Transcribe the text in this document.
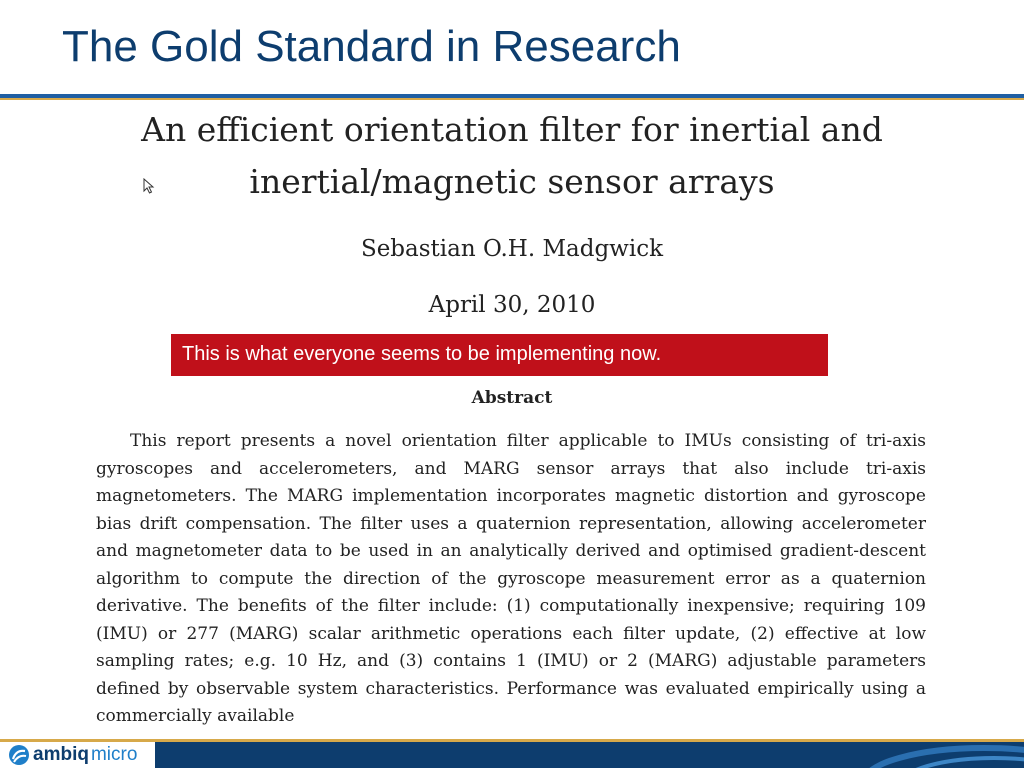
The Gold Standard in Research
An efficient orientation filter for inertial and
inertial/magnetic sensor arrays
Sebastian O.H. Madgwick
April 30, 2010
This is what everyone seems to be implementing now.
Abstract

This report presents a novel orientation filter applicable to IMUs consisting of tri-axis gyroscopes and accelerometers, and MARG sensor arrays that also include tri-axis magnetometers. The MARG implementation incorporates magnetic distortion and gyroscope bias drift compensation. The filter uses a quaternion representation, allowing accelerometer and magnetometer data to be used in an analytically derived and optimised gradient-descent algorithm to compute the direction of the gyroscope measurement error as a quaternion derivative. The benefits of the filter include: (1) computationally inexpensive; requiring 109 (IMU) or 277 (MARG) scalar arithmetic operations each filter update, (2) effective at low sampling rates; e.g. 10 Hz, and (3) contains 1 (IMU) or 2 (MARG) adjustable parameters defined by observable system characteristics. Performance was evaluated empirically using a commercially available

ambiq micro
